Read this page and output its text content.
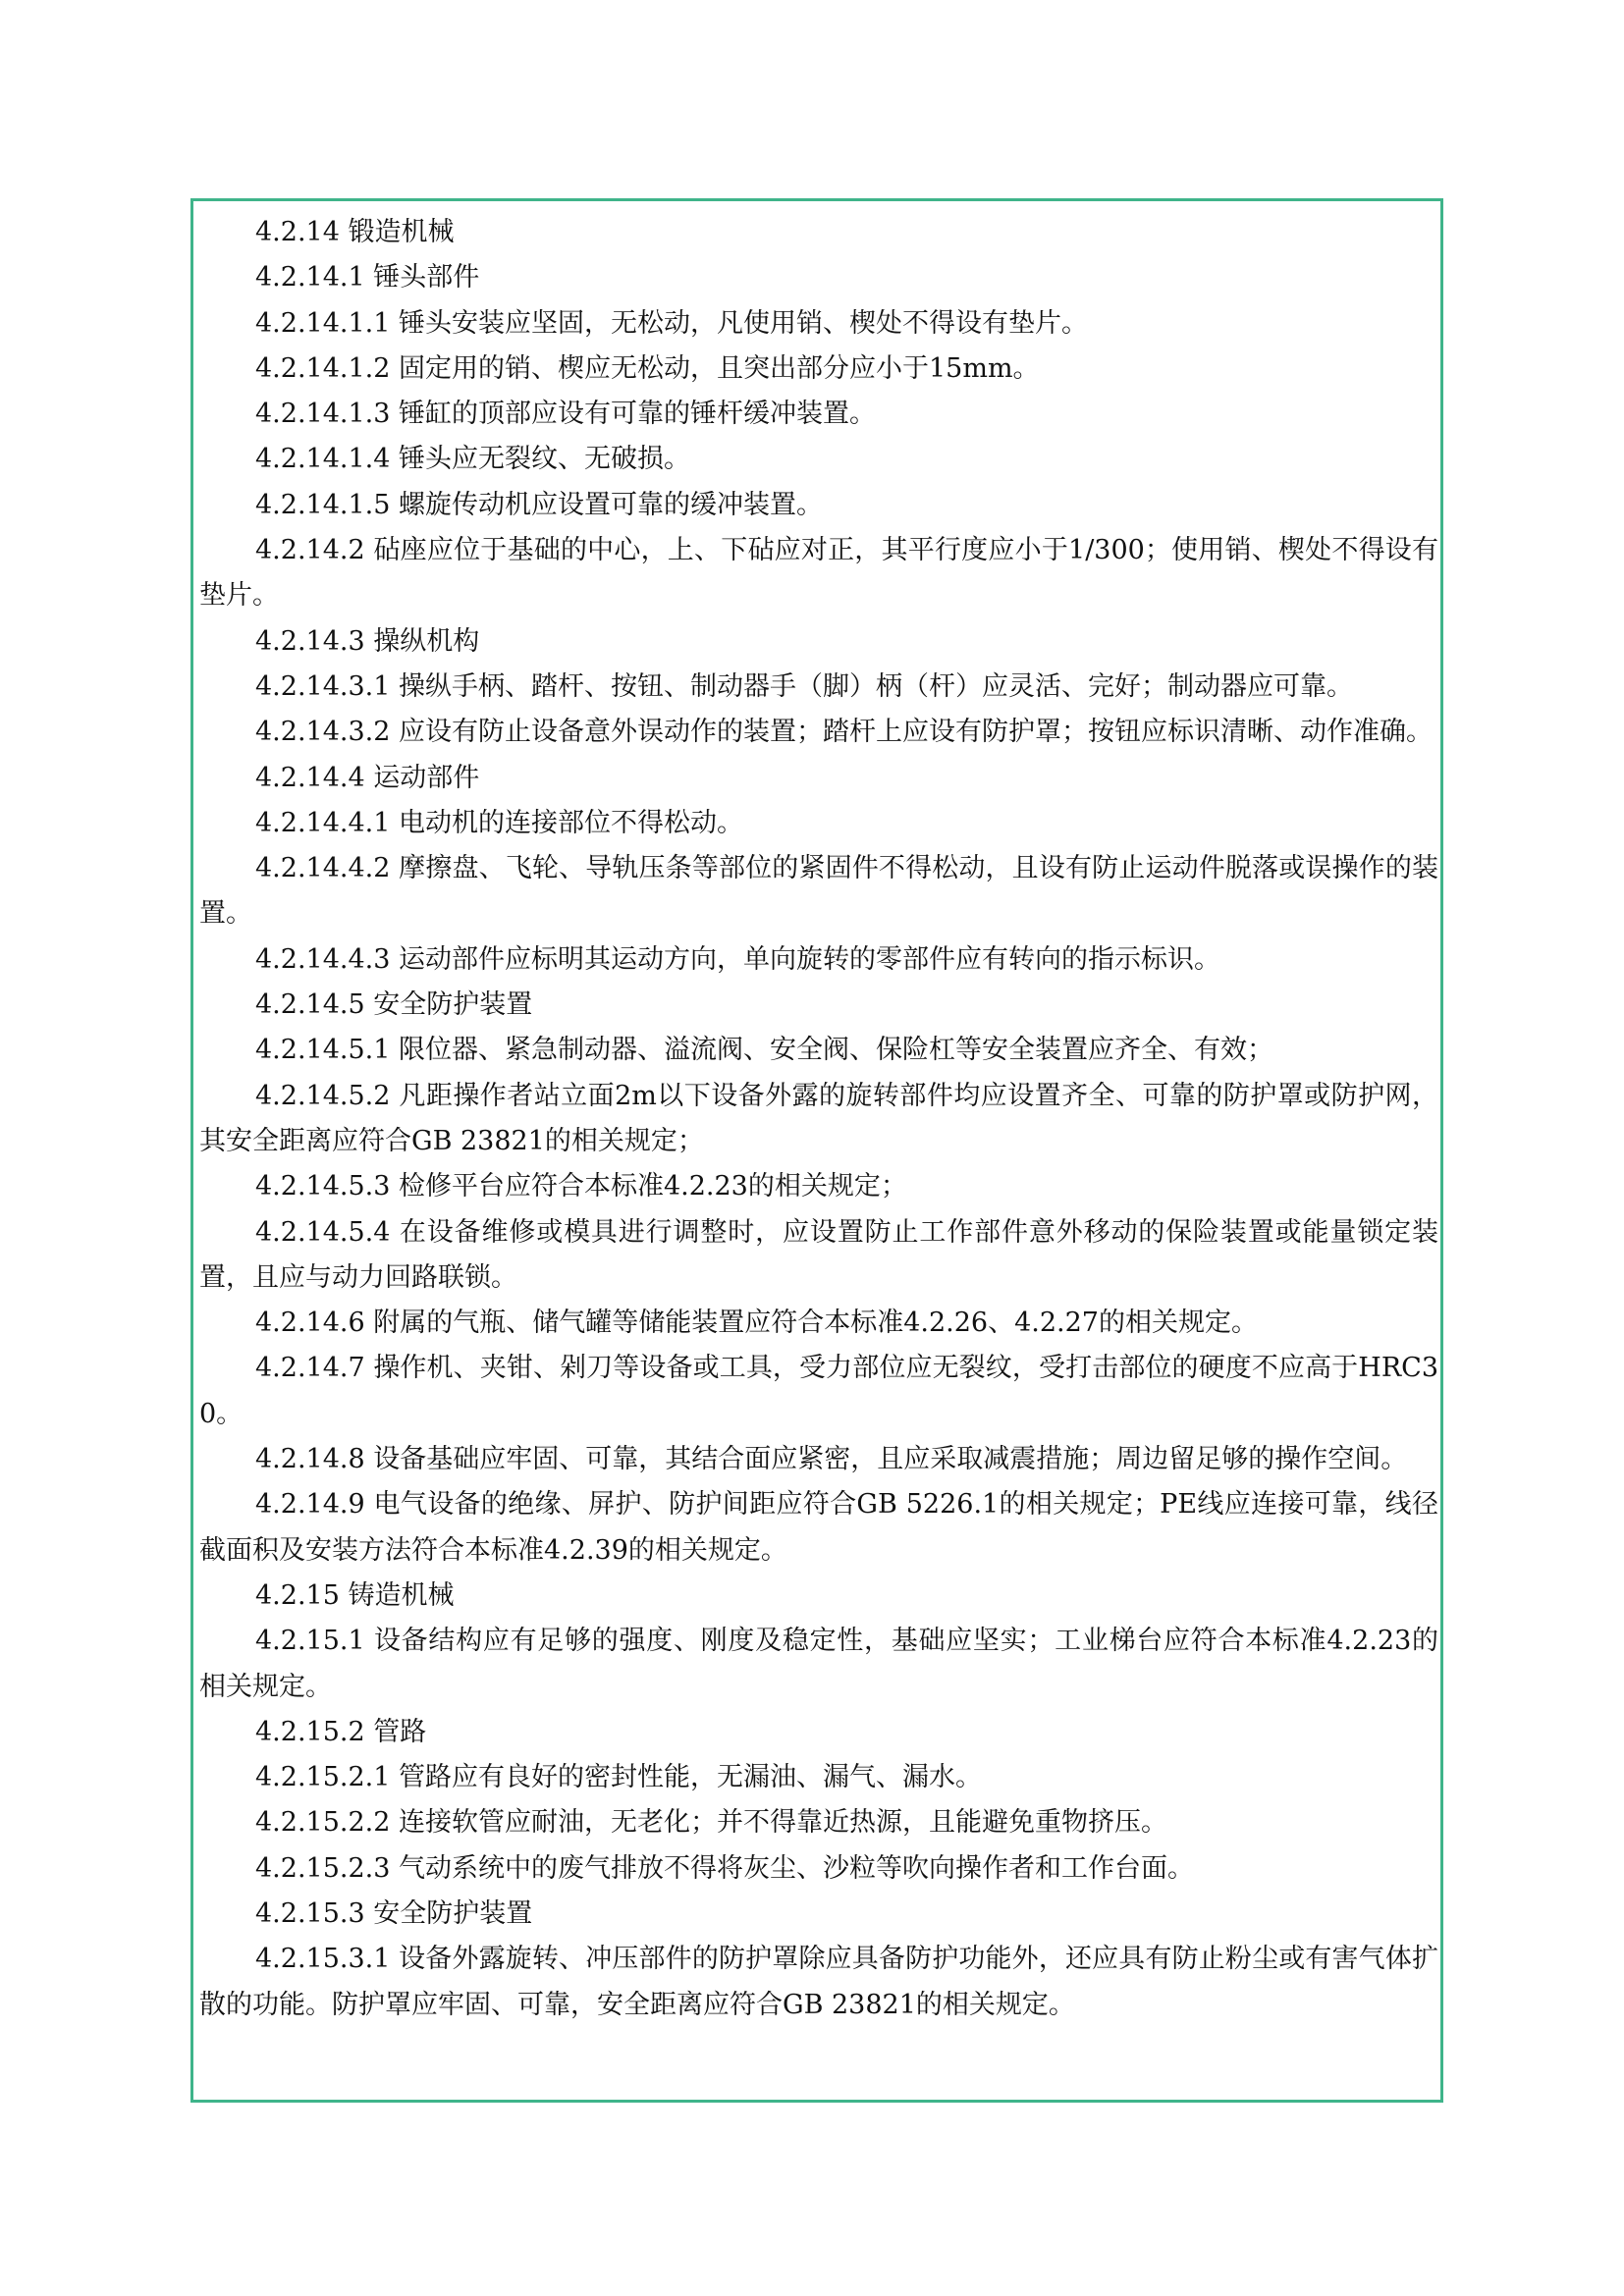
4.2.14 锻造机械

4.2.14.1 锤头部件

4.2.14.1.1 锤头安装应坚固，无松动，凡使用销、楔处不得设有垫片。

4.2.14.1.2 固定用的销、楔应无松动，且突出部分应小于15mm。

4.2.14.1.3 锤缸的顶部应设有可靠的锤杆缓冲装置。

4.2.14.1.4 锤头应无裂纹、无破损。

4.2.14.1.5 螺旋传动机应设置可靠的缓冲装置。

4.2.14.2 砧座应位于基础的中心，上、下砧应对正，其平行度应小于1/300；使用销、楔处不得设有垫片。

4.2.14.3 操纵机构

4.2.14.3.1 操纵手柄、踏杆、按钮、制动器手（脚）柄（杆）应灵活、完好；制动器应可靠。

4.2.14.3.2 应设有防止设备意外误动作的装置；踏杆上应设有防护罩；按钮应标识清晰、动作准确。

4.2.14.4 运动部件

4.2.14.4.1 电动机的连接部位不得松动。

4.2.14.4.2 摩擦盘、飞轮、导轨压条等部位的紧固件不得松动，且设有防止运动件脱落或误操作的装置。

4.2.14.4.3 运动部件应标明其运动方向，单向旋转的零部件应有转向的指示标识。

4.2.14.5 安全防护装置

4.2.14.5.1 限位器、紧急制动器、溢流阀、安全阀、保险杠等安全装置应齐全、有效；

4.2.14.5.2 凡距操作者站立面2m以下设备外露的旋转部件均应设置齐全、可靠的防护罩或防护网，其安全距离应符合GB 23821的相关规定；

4.2.14.5.3 检修平台应符合本标准4.2.23的相关规定；

4.2.14.5.4 在设备维修或模具进行调整时，应设置防止工作部件意外移动的保险装置或能量锁定装置，且应与动力回路联锁。

4.2.14.6 附属的气瓶、储气罐等储能装置应符合本标准4.2.26、4.2.27的相关规定。

4.2.14.7 操作机、夹钳、剁刀等设备或工具，受力部位应无裂纹，受打击部位的硬度不应高于HRC30。

4.2.14.8 设备基础应牢固、可靠，其结合面应紧密，且应采取减震措施；周边留足够的操作空间。

4.2.14.9 电气设备的绝缘、屏护、防护间距应符合GB 5226.1的相关规定；PE线应连接可靠，线径截面积及安装方法符合本标准4.2.39的相关规定。

4.2.15 铸造机械

4.2.15.1 设备结构应有足够的强度、刚度及稳定性，基础应坚实；工业梯台应符合本标准4.2.23的相关规定。

4.2.15.2 管路

4.2.15.2.1 管路应有良好的密封性能，无漏油、漏气、漏水。

4.2.15.2.2 连接软管应耐油，无老化；并不得靠近热源，且能避免重物挤压。

4.2.15.2.3 气动系统中的废气排放不得将灰尘、沙粒等吹向操作者和工作台面。

4.2.15.3 安全防护装置

4.2.15.3.1 设备外露旋转、冲压部件的防护罩除应具备防护功能外，还应具有防止粉尘或有害气体扩散的功能。防护罩应牢固、可靠，安全距离应符合GB 23821的相关规定。
